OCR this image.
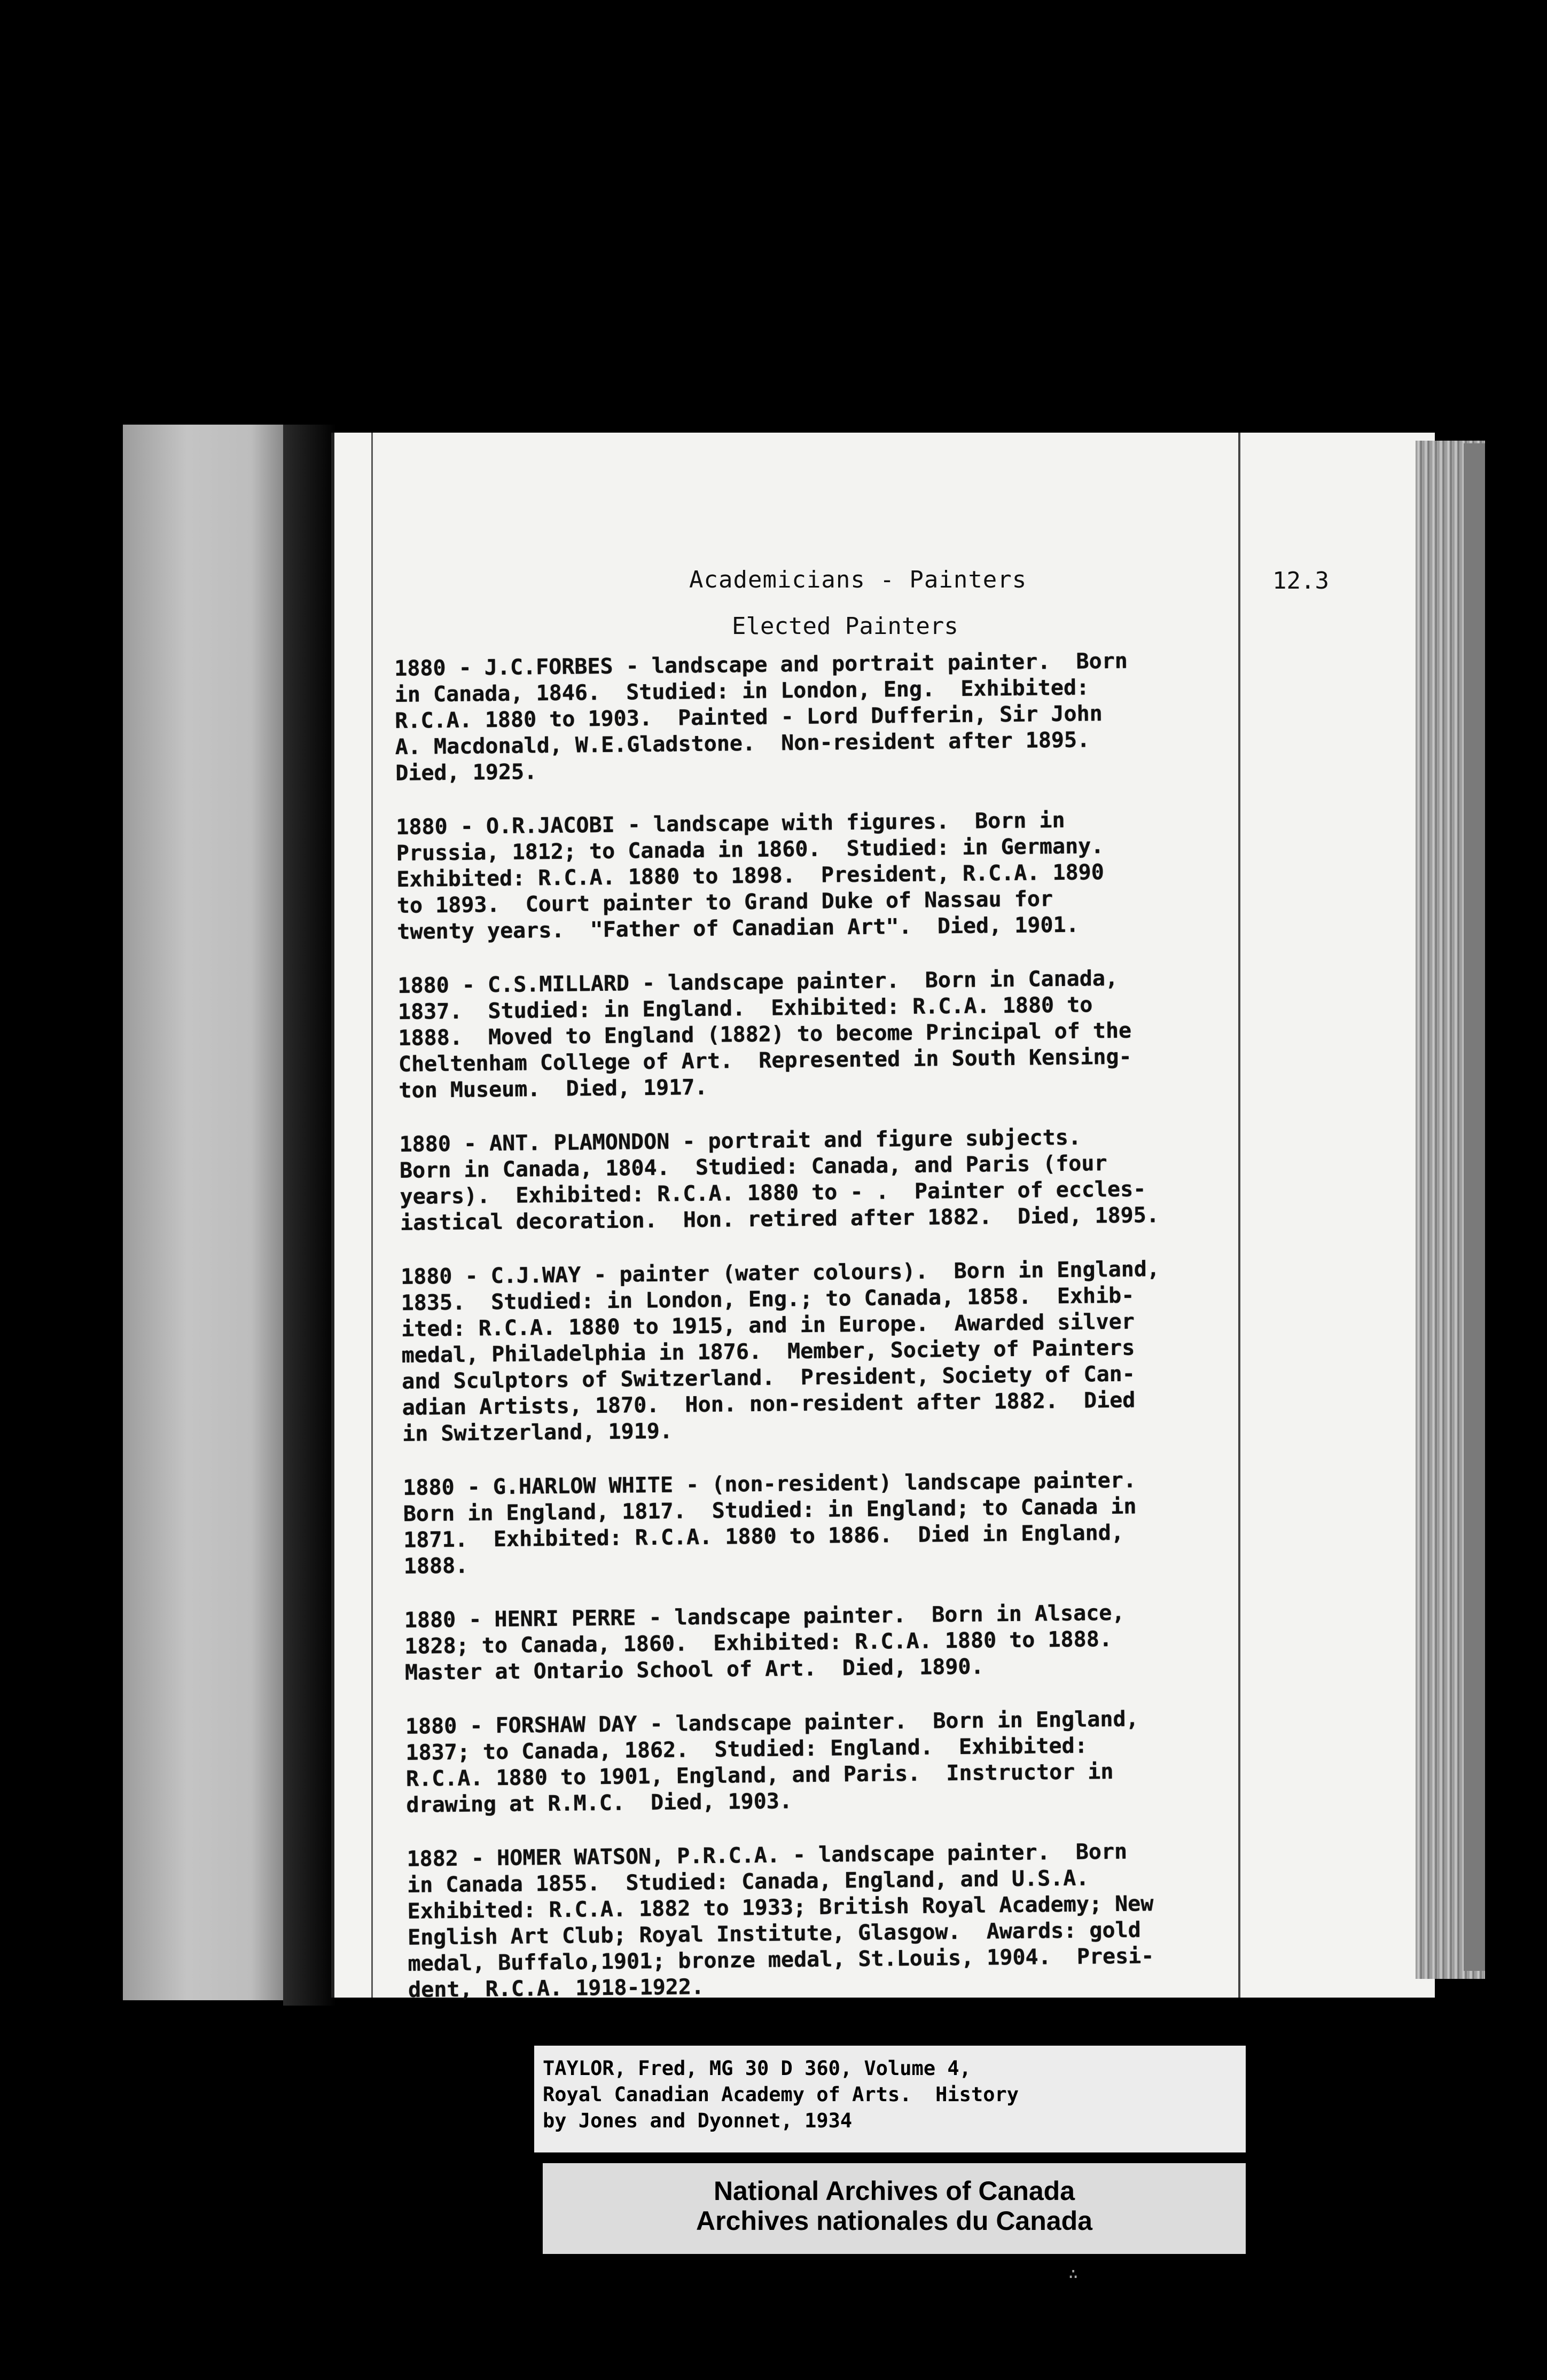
Academicians - Painters	12.3
Elected Painters

1880 - J.C.FORBES - landscape and portrait painter.  Born
in Canada, 1846.  Studied: in London, Eng.  Exhibited:
R.C.A. 1880 to 1903.  Painted - Lord Dufferin, Sir John
A. Macdonald, W.E.Gladstone.  Non-resident after 1895.
Died, 1925.

1880 - O.R.JACOBI - landscape with figures.  Born in
Prussia, 1812; to Canada in 1860.  Studied: in Germany.
Exhibited: R.C.A. 1880 to 1898.  President, R.C.A. 1890
to 1893.  Court painter to Grand Duke of Nassau for
twenty years.  "Father of Canadian Art".  Died, 1901.

1880 - C.S.MILLARD - landscape painter.  Born in Canada,
1837.  Studied: in England.  Exhibited: R.C.A. 1880 to
1888.  Moved to England (1882) to become Principal of the
Cheltenham College of Art.  Represented in South Kensing-
ton Museum.  Died, 1917.

1880 - ANT. PLAMONDON - portrait and figure subjects.
Born in Canada, 1804.  Studied: Canada, and Paris (four
years).  Exhibited: R.C.A. 1880 to - .  Painter of eccles-
iastical decoration.  Hon. retired after 1882.  Died, 1895.

1880 - C.J.WAY - painter (water colours).  Born in England,
1835.  Studied: in London, Eng.; to Canada, 1858.  Exhib-
ited: R.C.A. 1880 to 1915, and in Europe.  Awarded silver
medal, Philadelphia in 1876.  Member, Society of Painters
and Sculptors of Switzerland.  President, Society of Can-
adian Artists, 1870.  Hon. non-resident after 1882.  Died
in Switzerland, 1919.

1880 - G.HARLOW WHITE - (non-resident) landscape painter.
Born in England, 1817.  Studied: in England; to Canada in
1871.  Exhibited: R.C.A. 1880 to 1886.  Died in England,
1888.

1880 - HENRI PERRE - landscape painter.  Born in Alsace,
1828; to Canada, 1860.  Exhibited: R.C.A. 1880 to 1888.
Master at Ontario School of Art.  Died, 1890.

1880 - FORSHAW DAY - landscape painter.  Born in England,
1837; to Canada, 1862.  Studied: England.  Exhibited:
R.C.A. 1880 to 1901, England, and Paris.  Instructor in
drawing at R.M.C.  Died, 1903.

1882 - HOMER WATSON, P.R.C.A. - landscape painter.  Born
in Canada 1855.  Studied: Canada, England, and U.S.A.
Exhibited: R.C.A. 1882 to 1933; British Royal Academy; New
English Art Club; Royal Institute, Glasgow.  Awards: gold
medal, Buffalo,1901; bronze medal, St.Louis, 1904.  Presi-
dent, R.C.A. 1918-1922.

TAYLOR, Fred, MG 30 D 360, Volume 4,
Royal Canadian Academy of Arts.  History
by Jones and Dyonnet, 1934
National Archives of Canada
Archives nationales du Canada
∴
